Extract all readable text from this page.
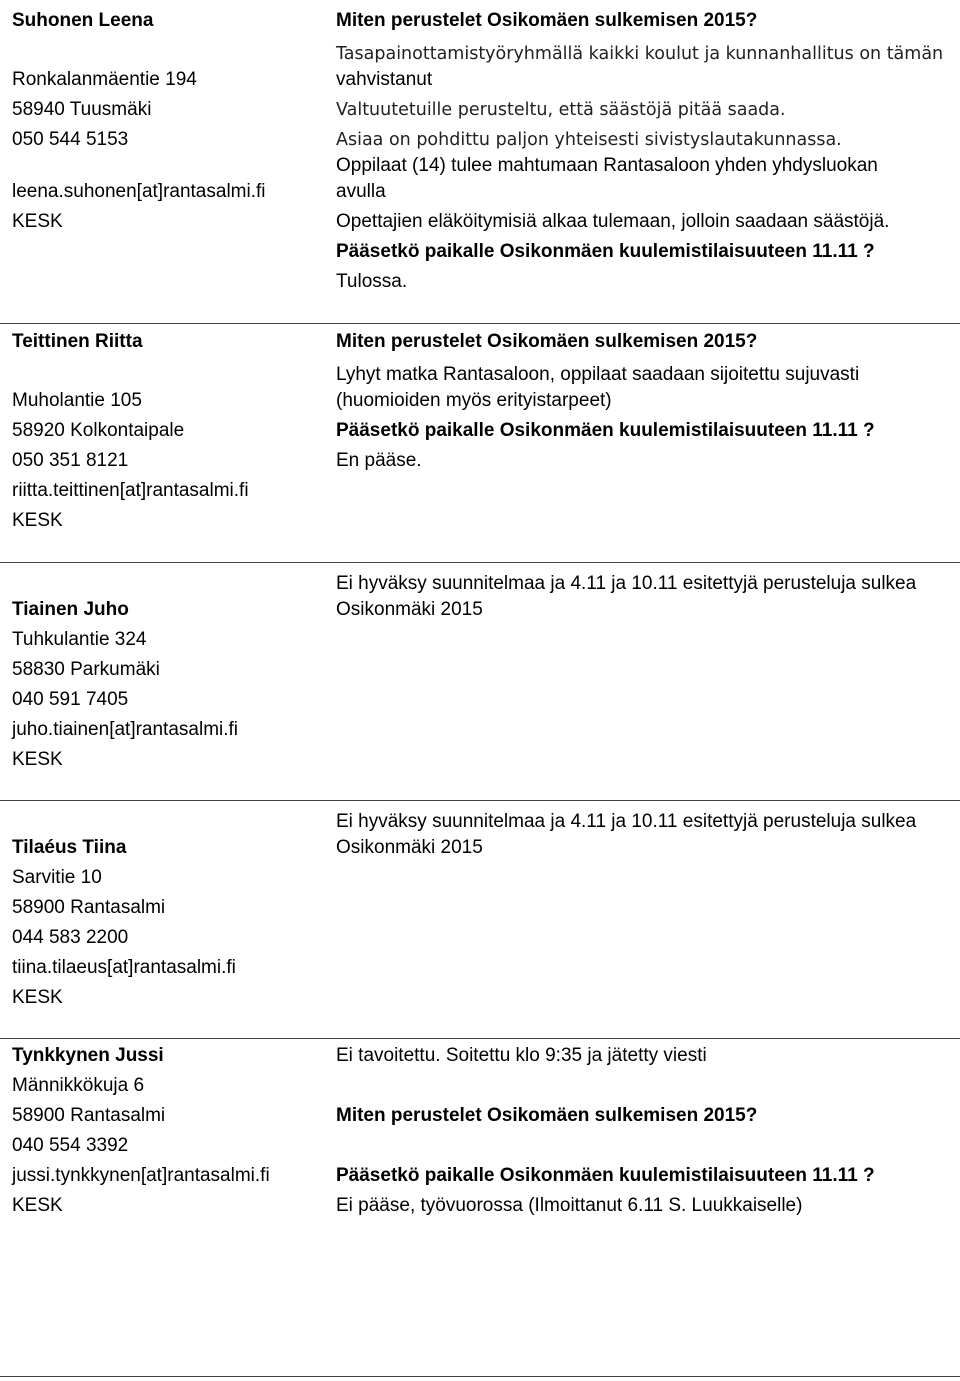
Suhonen Leena
Ronkalanmäentie 194
58940 Tuusmäki
050 544 5153
leena.suhonen[at]rantasalmi.fi
KESK
Miten perustelet Osikomäen sulkemisen 2015?
Tasapainottamistyöryhmällä kaikki koulut ja kunnanhallitus on tämän
vahvistanut
Valtuutetuille perusteltu, että säästöjä pitää saada.
Asiaa on pohdittu paljon yhteisesti sivistyslautakunnassa.
Oppilaat (14) tulee mahtumaan Rantasaloon yhden yhdysluokan
avulla
Opettajien eläköitymisiä alkaa tulemaan, jolloin saadaan säästöjä.
Pääsetkö paikalle Osikonmäen kuulemistilaisuuteen 11.11 ?
Tulossa.
Teittinen Riitta
Muholantie 105
58920 Kolkontaipale
050 351 8121
riitta.teittinen[at]rantasalmi.fi
KESK
Miten perustelet Osikomäen sulkemisen 2015?
Lyhyt matka Rantasaloon, oppilaat saadaan sijoitettu sujuvasti
(huomioiden myös erityistarpeet)
Pääsetkö paikalle Osikonmäen kuulemistilaisuuteen 11.11 ?
En pääse.
Tiainen Juho
Tuhkulantie 324
58830 Parkumäki
040 591 7405
juho.tiainen[at]rantasalmi.fi
KESK
Ei hyväksy suunnitelmaa ja 4.11 ja 10.11 esitettyjä perusteluja sulkea
Osikonmäki 2015
Tilaéus Tiina
Sarvitie 10
58900 Rantasalmi
044 583 2200
tiina.tilaeus[at]rantasalmi.fi
KESK
Ei hyväksy suunnitelmaa ja 4.11 ja 10.11 esitettyjä perusteluja sulkea
Osikonmäki 2015
Tynkkynen Jussi
Männikkökuja 6
58900 Rantasalmi
040 554 3392
jussi.tynkkynen[at]rantasalmi.fi
KESK
Ei tavoitettu. Soitettu klo 9:35 ja jätetty viesti
Miten perustelet Osikomäen sulkemisen 2015?
Pääsetkö paikalle Osikonmäen kuulemistilaisuuteen 11.11 ?
Ei pääse, työvuorossa (Ilmoittanut 6.11 S. Luukkaiselle)
